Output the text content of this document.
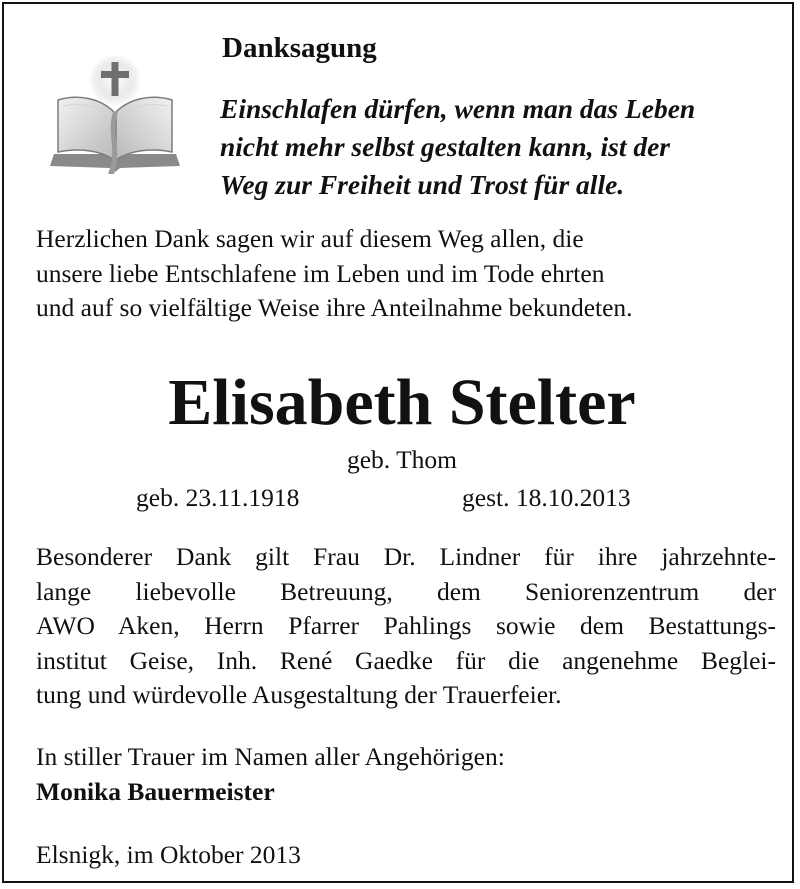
Danksagung
Einschlafen dürfen, wenn man das Leben
nicht mehr selbst gestalten kann, ist der
Weg zur Freiheit und Trost für alle.
Herzlichen Dank sagen wir auf diesem Weg allen, die
unsere liebe Entschlafene im Leben und im Tode ehrten
und auf so vielfältige Weise ihre Anteilnahme bekundeten.
Elisabeth Stelter
geb. Thom
geb. 23.11.1918	gest. 18.10.2013
Besonderer Dank gilt Frau Dr. Lindner für ihre jahrzehnte-
lange liebevolle Betreuung, dem Seniorenzentrum der
AWO Aken, Herrn Pfarrer Pahlings sowie dem Bestattungs-
institut Geise, Inh. René Gaedke für die angenehme Beglei-
tung und würdevolle Ausgestaltung der Trauerfeier.
In stiller Trauer im Namen aller Angehörigen:
Monika Bauermeister
Elsnigk, im Oktober 2013
